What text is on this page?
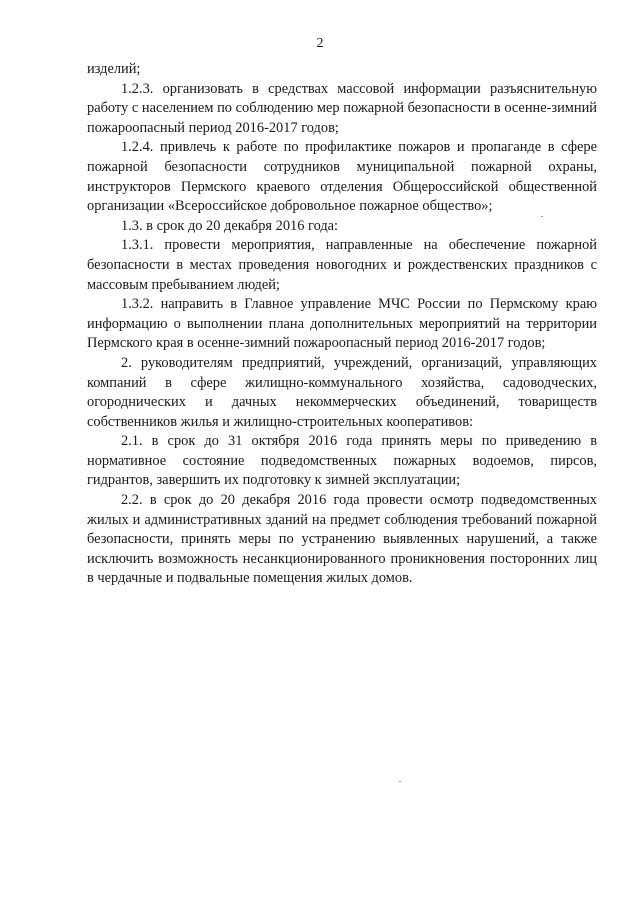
2

изделий;

1.2.3. организовать в средствах массовой информации разъяснительную работу с населением по соблюдению мер пожарной безопасности в осенне-зимний пожароопасный период 2016-2017 годов;

1.2.4. привлечь к работе по профилактике пожаров и пропаганде в сфере пожарной безопасности сотрудников муниципальной пожарной охраны, инструкторов Пермского краевого отделения Общероссийской общественной организации «Всероссийское добровольное пожарное общество»;

1.3. в срок до 20 декабря 2016 года:

1.3.1. провести мероприятия, направленные на обеспечение пожарной безопасности в местах проведения новогодних и рождественских праздников с массовым пребыванием людей;

1.3.2. направить в Главное управление МЧС России по Пермскому краю информацию о выполнении плана дополнительных мероприятий на территории Пермского края в осенне-зимний пожароопасный период 2016-2017 годов;

2. руководителям предприятий, учреждений, организаций, управляющих компаний в сфере жилищно-коммунального хозяйства, садоводческих, огороднических и дачных некоммерческих объединений, товариществ собственников жилья и жилищно-строительных кооперативов:

2.1. в срок до 31 октября 2016 года принять меры по приведению в нормативное состояние подведомственных пожарных водоемов, пирсов, гидрантов, завершить их подготовку к зимней эксплуатации;

2.2. в срок до 20 декабря 2016 года провести осмотр подведомственных жилых и административных зданий на предмет соблюдения требований пожарной безопасности, принять меры по устранению выявленных нарушений, а также исключить возможность несанкционированного проникновения посторонних лиц в чердачные и подвальные помещения жилых домов.
